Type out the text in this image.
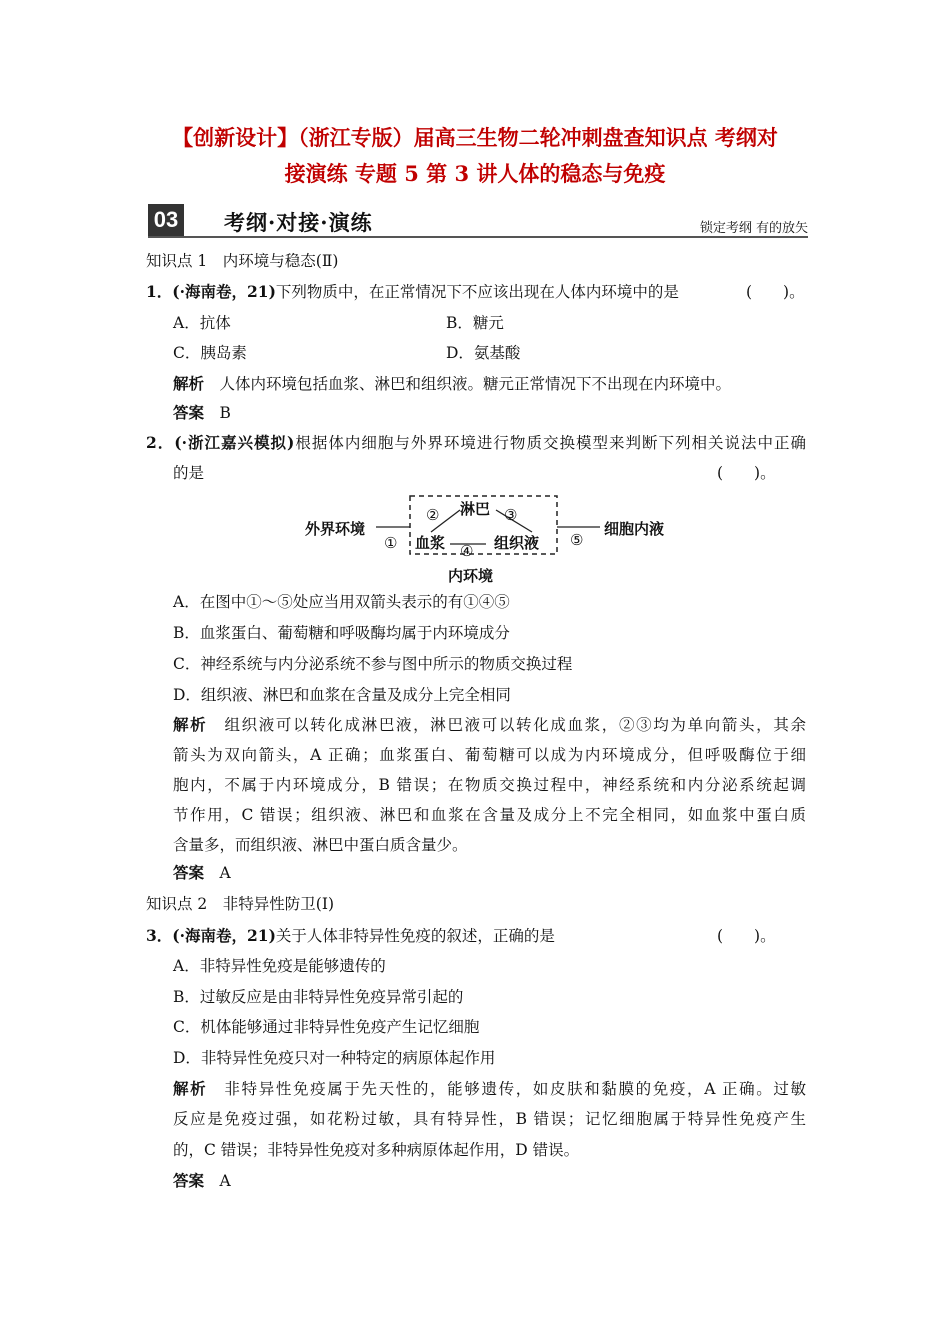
【创新设计】（浙江专版）届高三生物二轮冲刺盘查知识点 考纲对
接演练 专题 5 第 3 讲人体的稳态与免疫
03 考纲·对接·演练	锁定考纲 有的放矢
知识点 1　内环境与稳态(Ⅱ)
1．(·海南卷，21)下列物质中，在正常情况下不应该出现在人体内环境中的是	(　　)。
A．抗体	B．糖元
C．胰岛素	D．氨基酸
解析　 人体内环境包括血浆、淋巴和组织液。糖元正常情况下不出现在内环境中。
答案　 B
2．(·浙江嘉兴模拟)根据体内细胞与外界环境进行物质交换模型来判断下列相关说法中正确
的是	(　　)。
外界环境
①
② 淋巴 ③
血浆 ④ 组织液 ⑤
细胞内液
内环境
A．在图中①～⑤处应当用双箭头表示的有①④⑤
B．血浆蛋白、葡萄糖和呼吸酶均属于内环境成分
C．神经系统与内分泌系统不参与图中所示的物质交换过程
D．组织液、淋巴和血浆在含量及成分上完全相同
解析　 组织液可以转化成淋巴液，淋巴液可以转化成血浆，②③均为单向箭头，其余
箭头为双向箭头，A 正确；血浆蛋白、葡萄糖可以成为内环境成分，但呼吸酶位于细
胞内，不属于内环境成分，B 错误；在物质交换过程中，神经系统和内分泌系统起调
节作用，C 错误；组织液、淋巴和血浆在含量及成分上不完全相同，如血浆中蛋白质
含量多，而组织液、淋巴中蛋白质含量少。
答案　 A
知识点 2　非特异性防卫(Ⅰ)
3．(·海南卷，21)关于人体非特异性免疫的叙述，正确的是	(　　)。
A．非特异性免疫是能够遗传的
B．过敏反应是由非特异性免疫异常引起的
C．机体能够通过非特异性免疫产生记忆细胞
D．非特异性免疫只对一种特定的病原体起作用
解析　 非特异性免疫属于先天性的，能够遗传，如皮肤和黏膜的免疫，A 正确。过敏
反应是免疫过强，如花粉过敏，具有特异性，B 错误；记忆细胞属于特异性免疫产生
的，C 错误；非特异性免疫对多种病原体起作用，D 错误。
答案　 A
